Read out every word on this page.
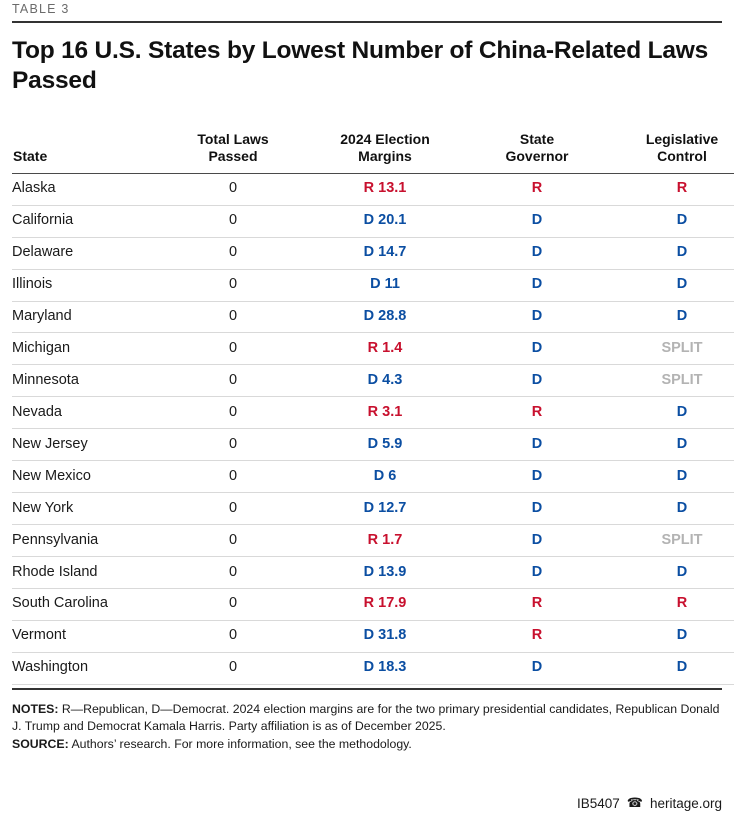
TABLE 3
Top 16 U.S. States by Lowest Number of China-Related Laws Passed
State

Total Laws
Passed

2024 Election
Margins

State
Governor

Legislative
Control

Alaska	0	R 13.1	R	R
California	0	D 20.1	D	D
Delaware	0	D 14.7	D	D
Illinois	0	D 11	D	D
Maryland	0	D 28.8	D	D
Michigan	0	R 1.4	D	SPLIT
Minnesota	0	D 4.3	D	SPLIT
Nevada	0	R 3.1	R	D
New Jersey	0	D 5.9	D	D
New Mexico	0	D 6	D	D
New York	0	D 12.7	D	D
Pennsylvania	0	R 1.7	D	SPLIT
Rhode Island	0	D 13.9	D	D
South Carolina	0	R 17.9	R	R
Vermont	0	D 31.8	R	D
Washington	0	D 18.3	D	D
NOTES: R—Republican, D—Democrat. 2024 election margins are for the two primary presidential candidates, Republican Donald J. Trump and Democrat Kamala Harris. Party affiliation is as of December 2025.
SOURCE: Authors’ research. For more information, see the methodology.
IB5407 ☎ heritage.org
